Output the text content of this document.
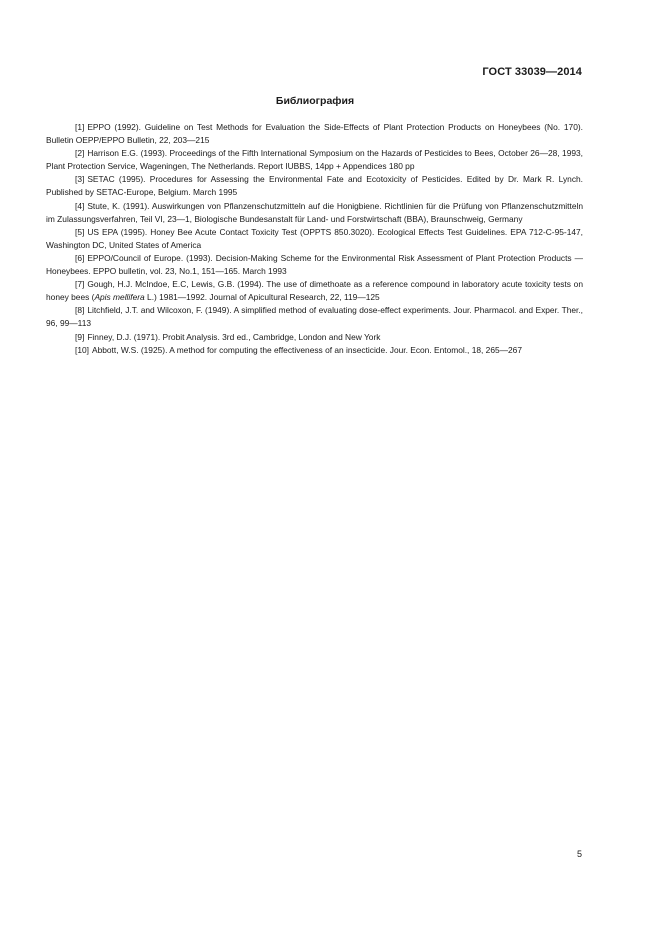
ГОСТ 33039—2014
Библиография

[1] EPPO (1992). Guideline on Test Methods for Evaluation the Side-Effects of Plant Protection Products on Honeybees (No. 170). Bulletin OEPP/EPPO Bulletin, 22, 203—215

[2] Harrison E.G. (1993). Proceedings of the Fifth International Symposium on the Hazards of Pesticides to Bees, October 26—28, 1993, Plant Protection Service, Wageningen, The Netherlands. Report IUBBS, 14pp + Appendices 180 pp

[3] SETAC (1995). Procedures for Assessing the Environmental Fate and Ecotoxicity of Pesticides. Edited by Dr. Mark R. Lynch. Published by SETAC-Europe, Belgium. March 1995

[4] Stute, K. (1991). Auswirkungen von Pflanzenschutzmitteln auf die Honigbiene. Richtlinien für die Prüfung von Pflanzenschutzmitteln im Zulassungsverfahren, Teil VI, 23—1, Biologische Bundesanstalt für Land- und Forstwirtschaft (BBA), Braunschweig, Germany

[5] US EPA (1995). Honey Bee Acute Contact Toxicity Test (OPPTS 850.3020). Ecological Effects Test Guidelines. EPA 712-C-95-147, Washington DC, United States of America

[6] EPPO/Council of Europe. (1993). Decision-Making Scheme for the Environmental Risk Assessment of Plant Protection Products — Honeybees. EPPO bulletin, vol. 23, No.1, 151—165. March 1993

[7] Gough, H.J. McIndoe, E.C, Lewis, G.B. (1994). The use of dimethoate as a reference compound in laboratory acute toxicity tests on honey bees (Apis mellifera L.) 1981—1992. Journal of Apicultural Research, 22, 119—125

[8] Litchfield, J.T. and Wilcoxon, F. (1949). A simplified method of evaluating dose-effect experiments. Jour. Pharmacol. and Exper. Ther., 96, 99—113

[9] Finney, D.J. (1971). Probit Analysis. 3rd ed., Cambridge, London and New York

[10] Abbott, W.S. (1925). A method for computing the effectiveness of an insecticide. Jour. Econ. Entomol., 18, 265—267

5
